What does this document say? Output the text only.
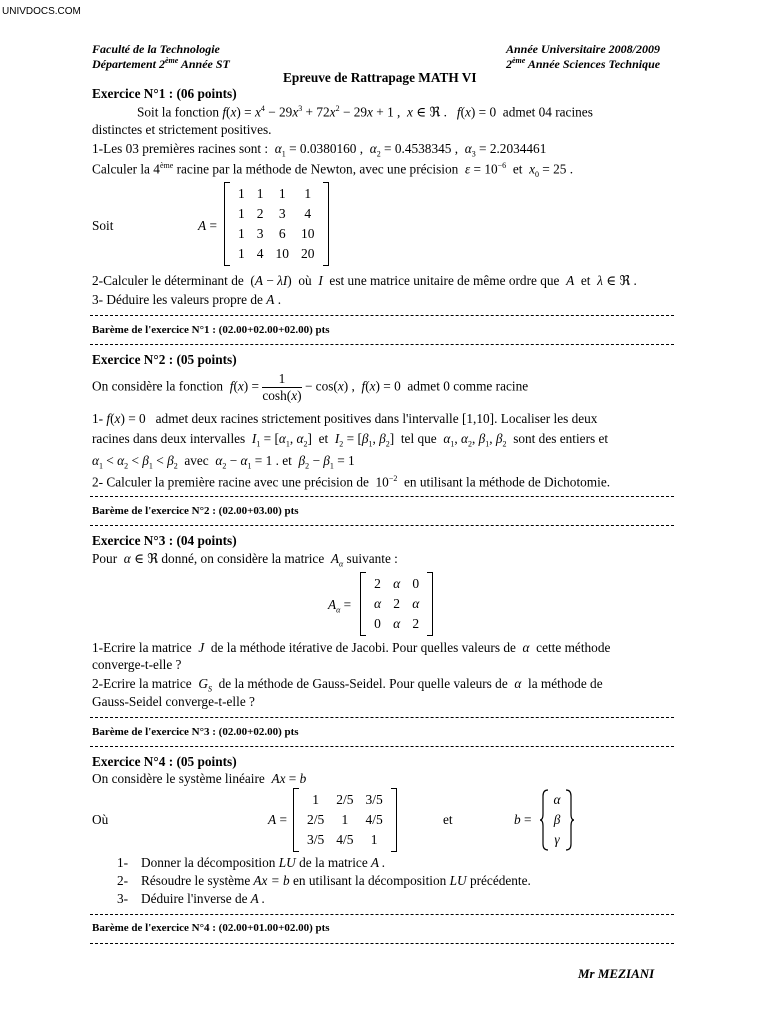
UNIVDOCS.COM
Faculté de la Technologie
Département 2ème Année ST
Année Universitaire 2008/2009
2ème Année Sciences Technique
Epreuve de Rattrapage MATH VI
Exercice N°1 : (06 points)
Soit la fonction $f(x) = x^4 - 29x^3 + 72x^2 - 29x + 1$ ,  x ∈ ℜ .   f(x) = 0  admet 04 racines
distinctes et strictement positives.
1-Les 03 premières racines sont : $\alpha_1 = 0.0380160$ ,  $\alpha_2 = 0.4538345$ ,  $\alpha_3 = 2.2034461$
Calculer la 4ème racine par la méthode de Newton, avec une précision $\varepsilon = 10^{-6}$  et  $x_0 = 25$ .
Soit	A =
1	1	1	1
1	2	3	4
1	3	6	10
1	4	10	20
2-Calculer le déterminant de  (A − λI)  où I est une matrice unitaire de même ordre que A et λ ∈ ℜ .
3- Déduire les valeurs propre de A .
Barème de l'exercice N°1 : (02.00+02.00+02.00) pts
Exercice N°2 : (05 points)
On considère la fonction $f(x) = \frac{1}{\cosh(x)} - \cos(x)$ ,  f(x) = 0  admet 0 comme racine
1- f(x) = 0   admet deux racines strictement positives dans l'intervalle [1,10]. Localiser les deux
racines dans deux intervalles $I_1 = [\alpha_1$, $\alpha_2$]  et  $I_2 = [\beta_1$, $\beta_2$]  tel que $\alpha_1$, $\alpha_2$, $\beta_1$, $\beta_2$ sont des entiers et
$\alpha_1 < \alpha_2 < \beta_1 < \beta_2$ avec $\alpha_2 - \alpha_1 = 1$ . et  $\beta_2 - \beta_1 = 1$
2- Calculer la première racine avec une précision de  $10^{-2}$ en utilisant la méthode de Dichotomie.
Barème de l'exercice N°2 : (02.00+03.00) pts
Exercice N°3 : (04 points)
Pour α ∈ ℜ donné, on considère la matrice $A_\alpha$ suivante :
$A_\alpha$ =
2	α	0
α	2	α
0	α	2
1-Ecrire la matrice J de la méthode itérative de Jacobi. Pour quelles valeurs de α cette méthode
converge-t-elle ?
2-Ecrire la matrice $G_S$ de la méthode de Gauss-Seidel. Pour quelle valeurs de α la méthode de
Gauss-Seidel converge-t-elle ?
Barème de l'exercice N°3 : (02.00+02.00) pts
Exercice N°4 : (05 points)
On considère le système linéaire Ax = b
Où	A =
1	2/5	3/5
2/5	1	4/5
3/5	4/5	1
et	b =
α
β
γ
1- Donner la décomposition LU de la matrice A .
2- Résoudre le système Ax = b en utilisant la décomposition LU précédente.
3- Déduire l'inverse de A .
Barème de l'exercice N°4 : (02.00+01.00+02.00) pts
Mr MEZIANI
